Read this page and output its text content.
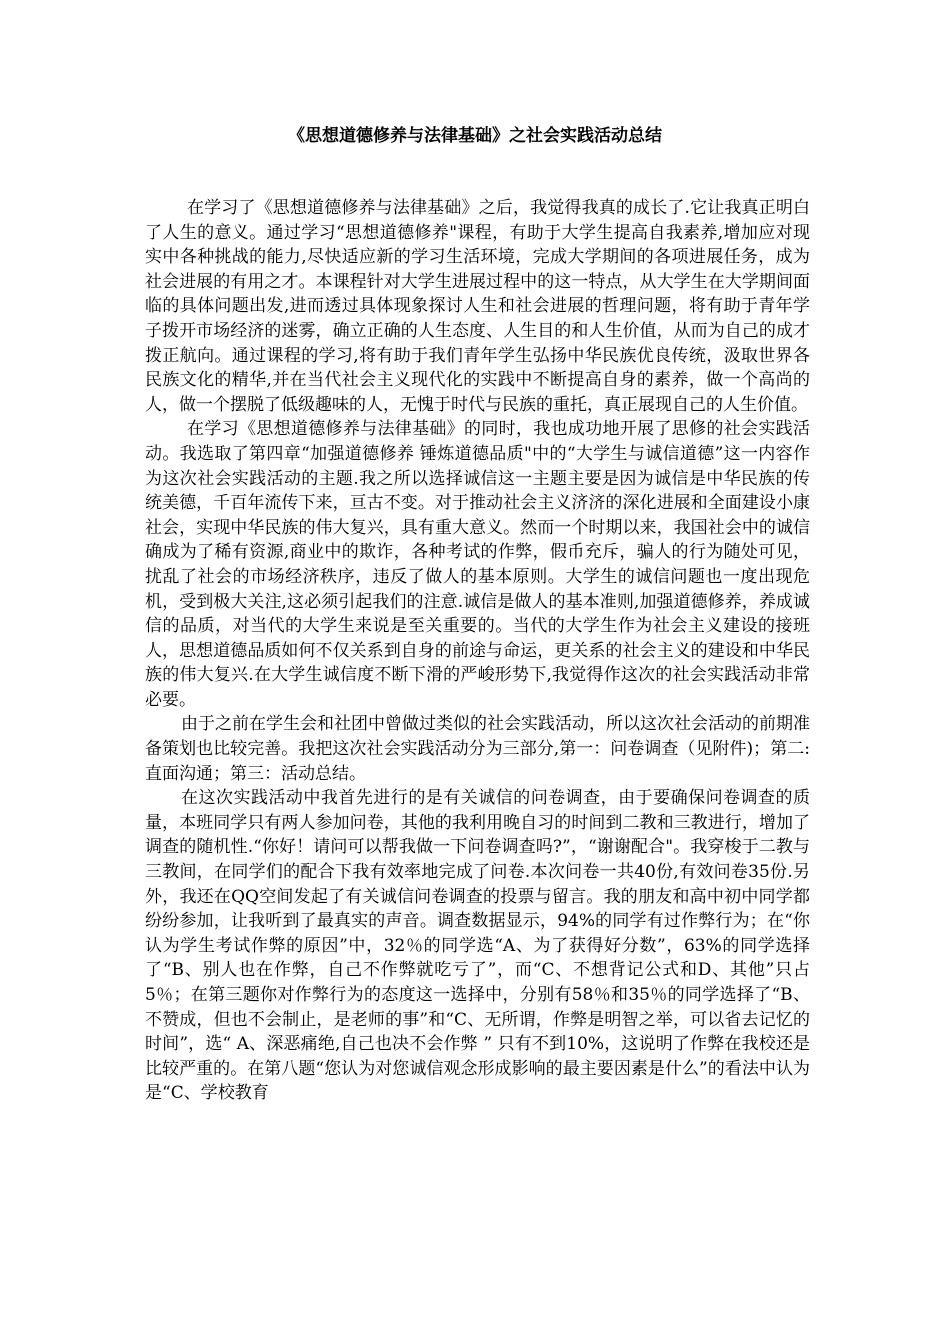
《思想道德修养与法律基础》之社会实践活动总结

在学习了《思想道德修养与法律基础》之后，我觉得我真的成长了.它让我真正明白了人生的意义。通过学习“思想道德修养"课程，有助于大学生提高自我素养,增加应对现实中各种挑战的能力,尽快适应新的学习生活环境，完成大学期间的各项进展任务，成为社会进展的有用之才。本课程针对大学生进展过程中的这一特点，从大学生在大学期间面临的具体问题出发,进而透过具体现象探讨人生和社会进展的哲理问题，将有助于青年学子拨开市场经济的迷雾，确立正确的人生态度、人生目的和人生价值，从而为自己的成才拨正航向。通过课程的学习,将有助于我们青年学生弘扬中华民族优良传统，汲取世界各民族文化的精华,并在当代社会主义现代化的实践中不断提高自身的素养，做一个高尚的人，做一个摆脱了低级趣味的人，无愧于时代与民族的重托，真正展现自己的人生价值。

在学习《思想道德修养与法律基础》的同时，我也成功地开展了思修的社会实践活动。我选取了第四章“加强道德修养 锤炼道德品质"中的“大学生与诚信道德”这一内容作为这次社会实践活动的主题.我之所以选择诚信这一主题主要是因为诚信是中华民族的传统美德，千百年流传下来，亘古不变。对于推动社会主义济济的深化进展和全面建设小康社会，实现中华民族的伟大复兴，具有重大意义。然而一个时期以来，我国社会中的诚信确成为了稀有资源,商业中的欺诈，各种考试的作弊，假币充斥，骗人的行为随处可见，扰乱了社会的市场经济秩序，违反了做人的基本原则。大学生的诚信问题也一度出现危机，受到极大关注,这必须引起我们的注意.诚信是做人的基本准则,加强道德修养，养成诚信的品质，对当代的大学生来说是至关重要的。当代的大学生作为社会主义建设的接班人，思想道德品质如何不仅关系到自身的前途与命运，更关系的社会主义的建设和中华民族的伟大复兴.在大学生诚信度不断下滑的严峻形势下,我觉得作这次的社会实践活动非常必要。

由于之前在学生会和社团中曾做过类似的社会实践活动，所以这次社会活动的前期准备策划也比较完善。我把这次社会实践活动分为三部分,第一：问卷调查（见附件)；第二:直面沟通；第三：活动总结。

在这次实践活动中我首先进行的是有关诚信的问卷调查，由于要确保问卷调查的质量，本班同学只有两人参加问卷，其他的我利用晚自习的时间到二教和三教进行，增加了调查的随机性.“你好！请问可以帮我做一下问卷调查吗?”，“谢谢配合"。我穿梭于二教与三教间，在同学们的配合下我有效率地完成了问卷.本次问卷一共40份,有效问卷35份.另外，我还在QQ空间发起了有关诚信问卷调查的投票与留言。我的朋友和高中初中同学都纷纷参加，让我听到了最真实的声音。调查数据显示，94%的同学有过作弊行为；在“你认为学生考试作弊的原因”中，32％的同学选“A、为了获得好分数”，63%的同学选择了“B、别人也在作弊，自己不作弊就吃亏了”，而“C、不想背记公式和D、其他”只占5％；在第三题你对作弊行为的态度这一选择中，分别有58％和35％的同学选择了“B、不赞成，但也不会制止，是老师的事”和“C、无所谓，作弊是明智之举，可以省去记忆的时间”，选“ A、深恶痛绝,自己也决不会作弊 ” 只有不到10%，这说明了作弊在我校还是比较严重的。在第八题“您认为对您诚信观念形成影响的最主要因素是什么”的看法中认为是“C、学校教育
